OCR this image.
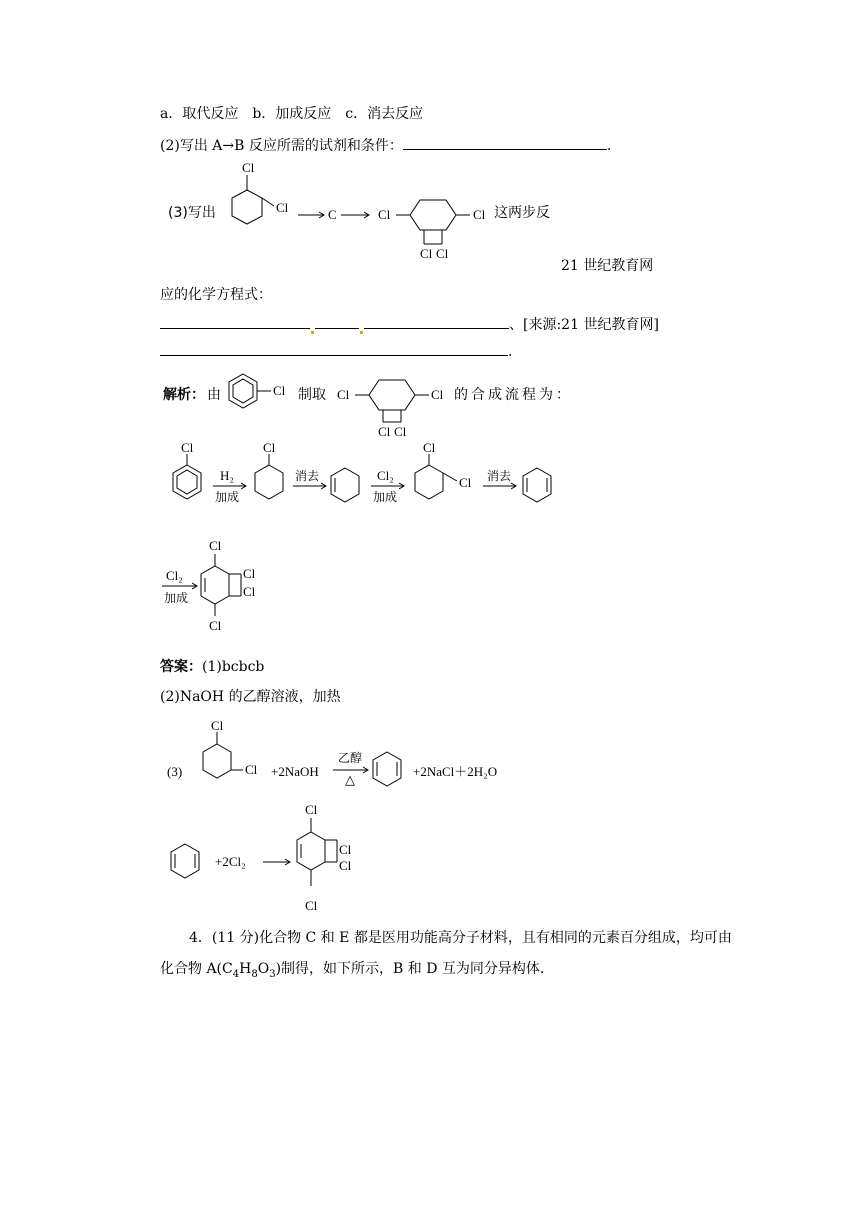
a．取代反应　b．加成反应　c．消去反应
(2)写出 A→B 反应所需的试剂和条件：	.
(3)写出
Cl
Cl	C	Cl	Cl
Cl Cl
这两步反
21 世纪教育网
应的化学方程式：
、[来源:21 世纪教育网]
.
解析： 由	Cl	Cl	Cl
Cl Cl
制取	的合成流程为：
Cl
H₂
加成
Cl
消去	Cl₂
加成
Cl
Cl 消去
Cl₂
加成
Cl
Cl
Cl
Cl
答案：(1)bcbcb
(2)NaOH 的乙醇溶液，加热
(3)
Cl
Cl +2NaOH
乙醇
△
+2NaCl＋2H₂O
+2Cl₂
Cl
Cl
Cl
Cl
4．(11 分)化合物 C 和 E 都是医用功能高分子材料，且有相同的元素百分组成，均可由
化合物 $A(C_4H_8O_3)$制得，如下所示，B 和 D 互为同分异构体.
